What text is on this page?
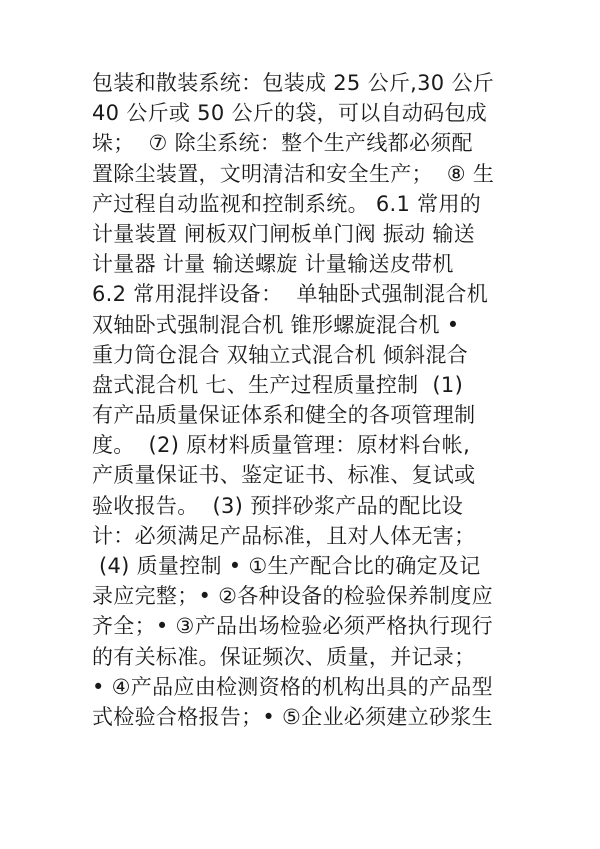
包装和散装系统：包装成 25 公斤,30 公斤
40 公斤或 50 公斤的袋，可以自动码包成
垛；  ⑦ 除尘系统：整个生产线都必须配
置除尘装置，文明清洁和安全生产；  ⑧ 生
产过程自动监视和控制系统。 6.1 常用的
计量装置 闸板双门闸板单门阀 振动 输送
计量器 计量 输送螺旋 计量输送皮带机
6.2 常用混拌设备：  单轴卧式强制混合机
双轴卧式强制混合机 锥形螺旋混合机 •
重力筒仓混合 双轴立式混合机 倾斜混合
盘式混合机 七、生产过程质量控制  (1)
有产品质量保证体系和健全的各项管理制
度。  (2) 原材料质量管理：原材料台帐,
产质量保证书、鉴定证书、标准、复试或
验收报告。  (3) 预拌砂浆产品的配比设
计：必须满足产品标准，且对人体无害；
(4) 质量控制 • ①生产配合比的确定及记
录应完整；• ②各种设备的检验保养制度应
齐全；• ③产品出场检验必须严格执行现行
的有关标准。保证频次、质量，并记录；
• ④产品应由检测资格的机构出具的产品型
式检验合格报告；• ⑤企业必须建立砂浆生
